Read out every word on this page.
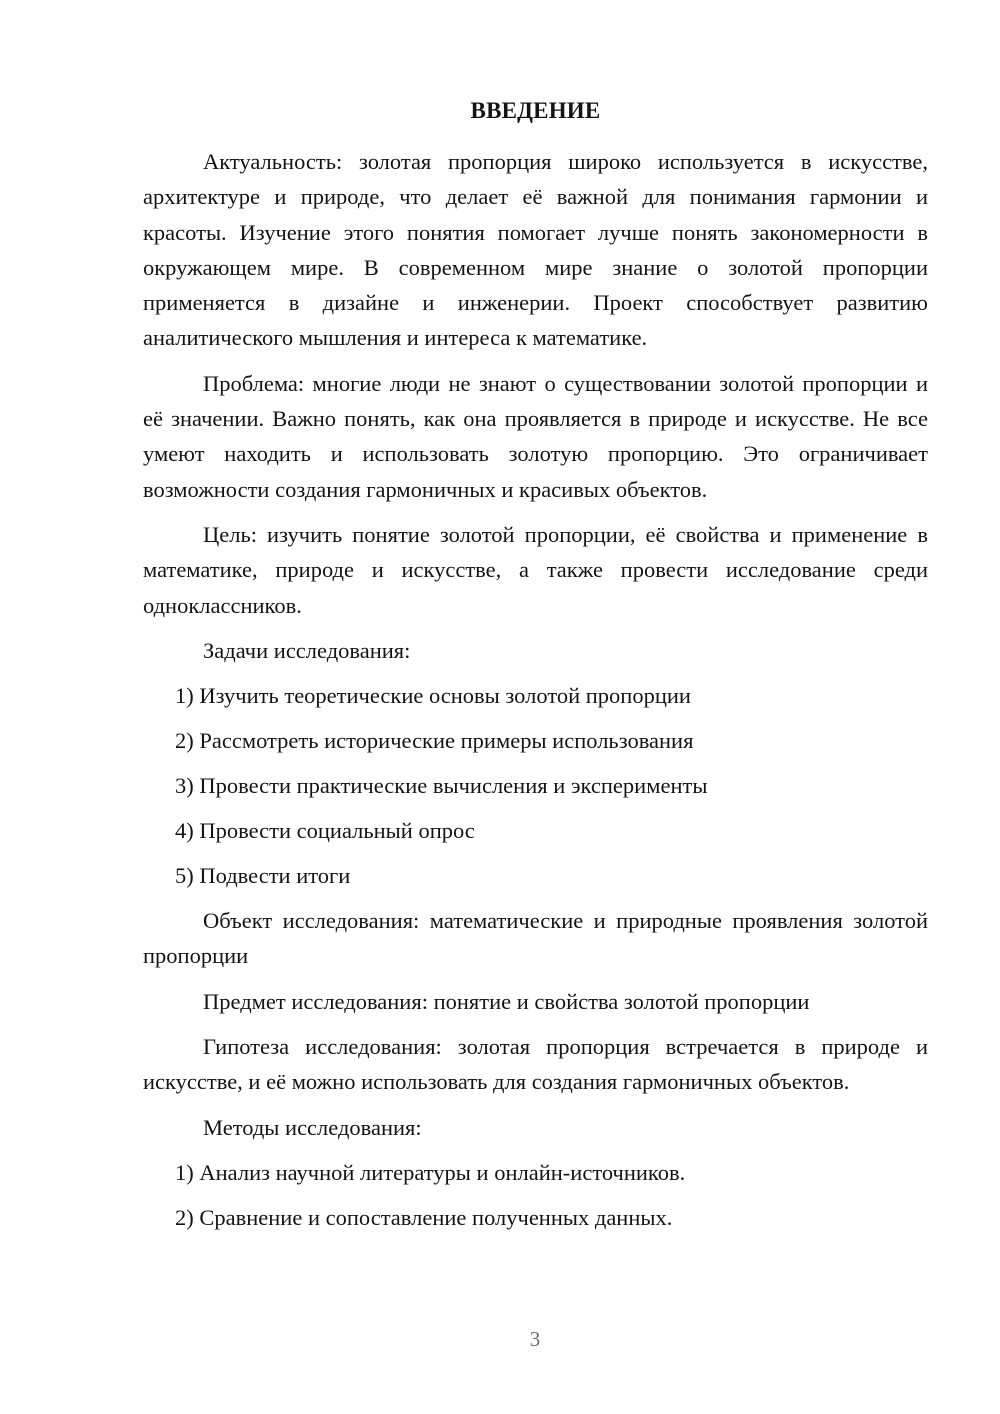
ВВЕДЕНИЕ

Актуальность: золотая пропорция широко используется в искусстве, архитектуре и природе, что делает её важной для понимания гармонии и красоты. Изучение этого понятия помогает лучше понять закономерности в окружающем мире. В современном мире знание о золотой пропорции применяется в дизайне и инженерии. Проект способствует развитию аналитического мышления и интереса к математике.

Проблема: многие люди не знают о существовании золотой пропорции и её значении. Важно понять, как она проявляется в природе и искусстве. Не все умеют находить и использовать золотую пропорцию. Это ограничивает возможности создания гармоничных и красивых объектов.

Цель: изучить понятие золотой пропорции, её свойства и применение в математике, природе и искусстве, а также провести исследование среди одноклассников.

Задачи исследования:

1) Изучить теоретические основы золотой пропорции
2) Рассмотреть исторические примеры использования
3) Провести практические вычисления и эксперименты
4) Провести социальный опрос
5) Подвести итоги

Объект исследования: математические и природные проявления золотой пропорции

Предмет исследования: понятие и свойства золотой пропорции

Гипотеза исследования: золотая пропорция встречается в природе и искусстве, и её можно использовать для создания гармоничных объектов.

Методы исследования:

1) Анализ научной литературы и онлайн-источников.
2) Сравнение и сопоставление полученных данных.
3
